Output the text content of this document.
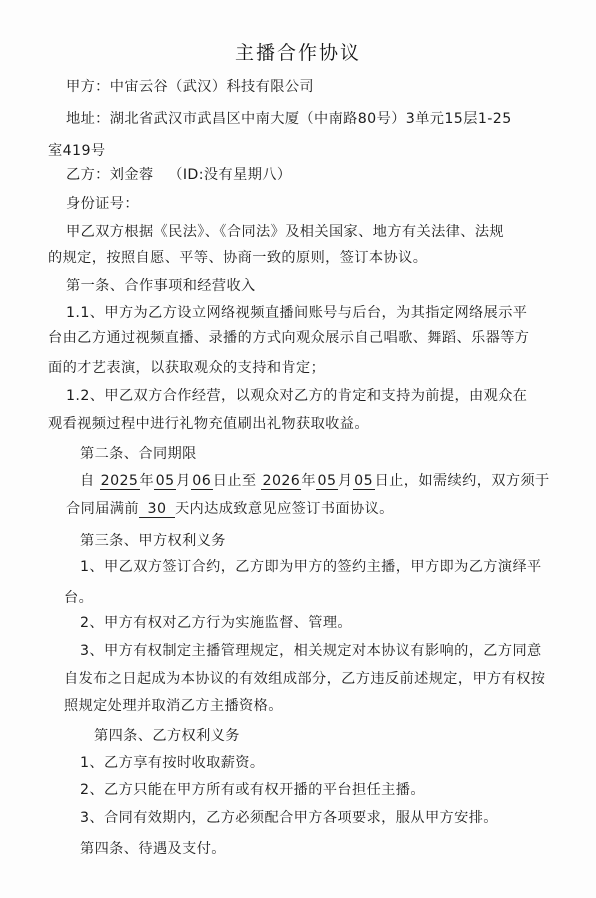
主播合作协议
甲方：中宙云谷（武汉）科技有限公司
地址：湖北省武汉市武昌区中南大厦（中南路80号）3单元15层1-25
室419号
乙方：刘金蓉   （ID:没有星期八）
身份证号：
甲乙双方根据《民法》、《合同法》及相关国家、地方有关法律、法规
的规定，按照自愿、平等、协商一致的原则，签订本协议。
第一条、合作事项和经营收入
1.1、甲方为乙方设立网络视频直播间账号与后台，为其指定网络展示平
台由乙方通过视频直播、录播的方式向观众展示自己唱歌、舞蹈、乐器等方
面的才艺表演，以获取观众的支持和肯定；
1.2、甲乙双方合作经营，以观众对乙方的肯定和支持为前提，由观众在
观看视频过程中进行礼物充值刷出礼物获取收益。
第二条、合同期限
自 2025年 05 月 06 日止至 2026年 05 月 05 日止，如需续约，双方须于
合同届满前 30 天内达成致意见应签订书面协议。
第三条、甲方权利义务
1、甲乙双方签订合约，乙方即为甲方的签约主播，甲方即为乙方演绎平
台。
2、甲方有权对乙方行为实施监督、管理。
3、甲方有权制定主播管理规定，相关规定对本协议有影响的，乙方同意
自发布之日起成为本协议的有效组成部分，乙方违反前述规定，甲方有权按
照规定处理并取消乙方主播资格。
第四条、乙方权利义务
1、乙方享有按时收取薪资。
2、乙方只能在甲方所有或有权开播的平台担任主播。
3、合同有效期内，乙方必须配合甲方各项要求，服从甲方安排。
第四条、待遇及支付。
